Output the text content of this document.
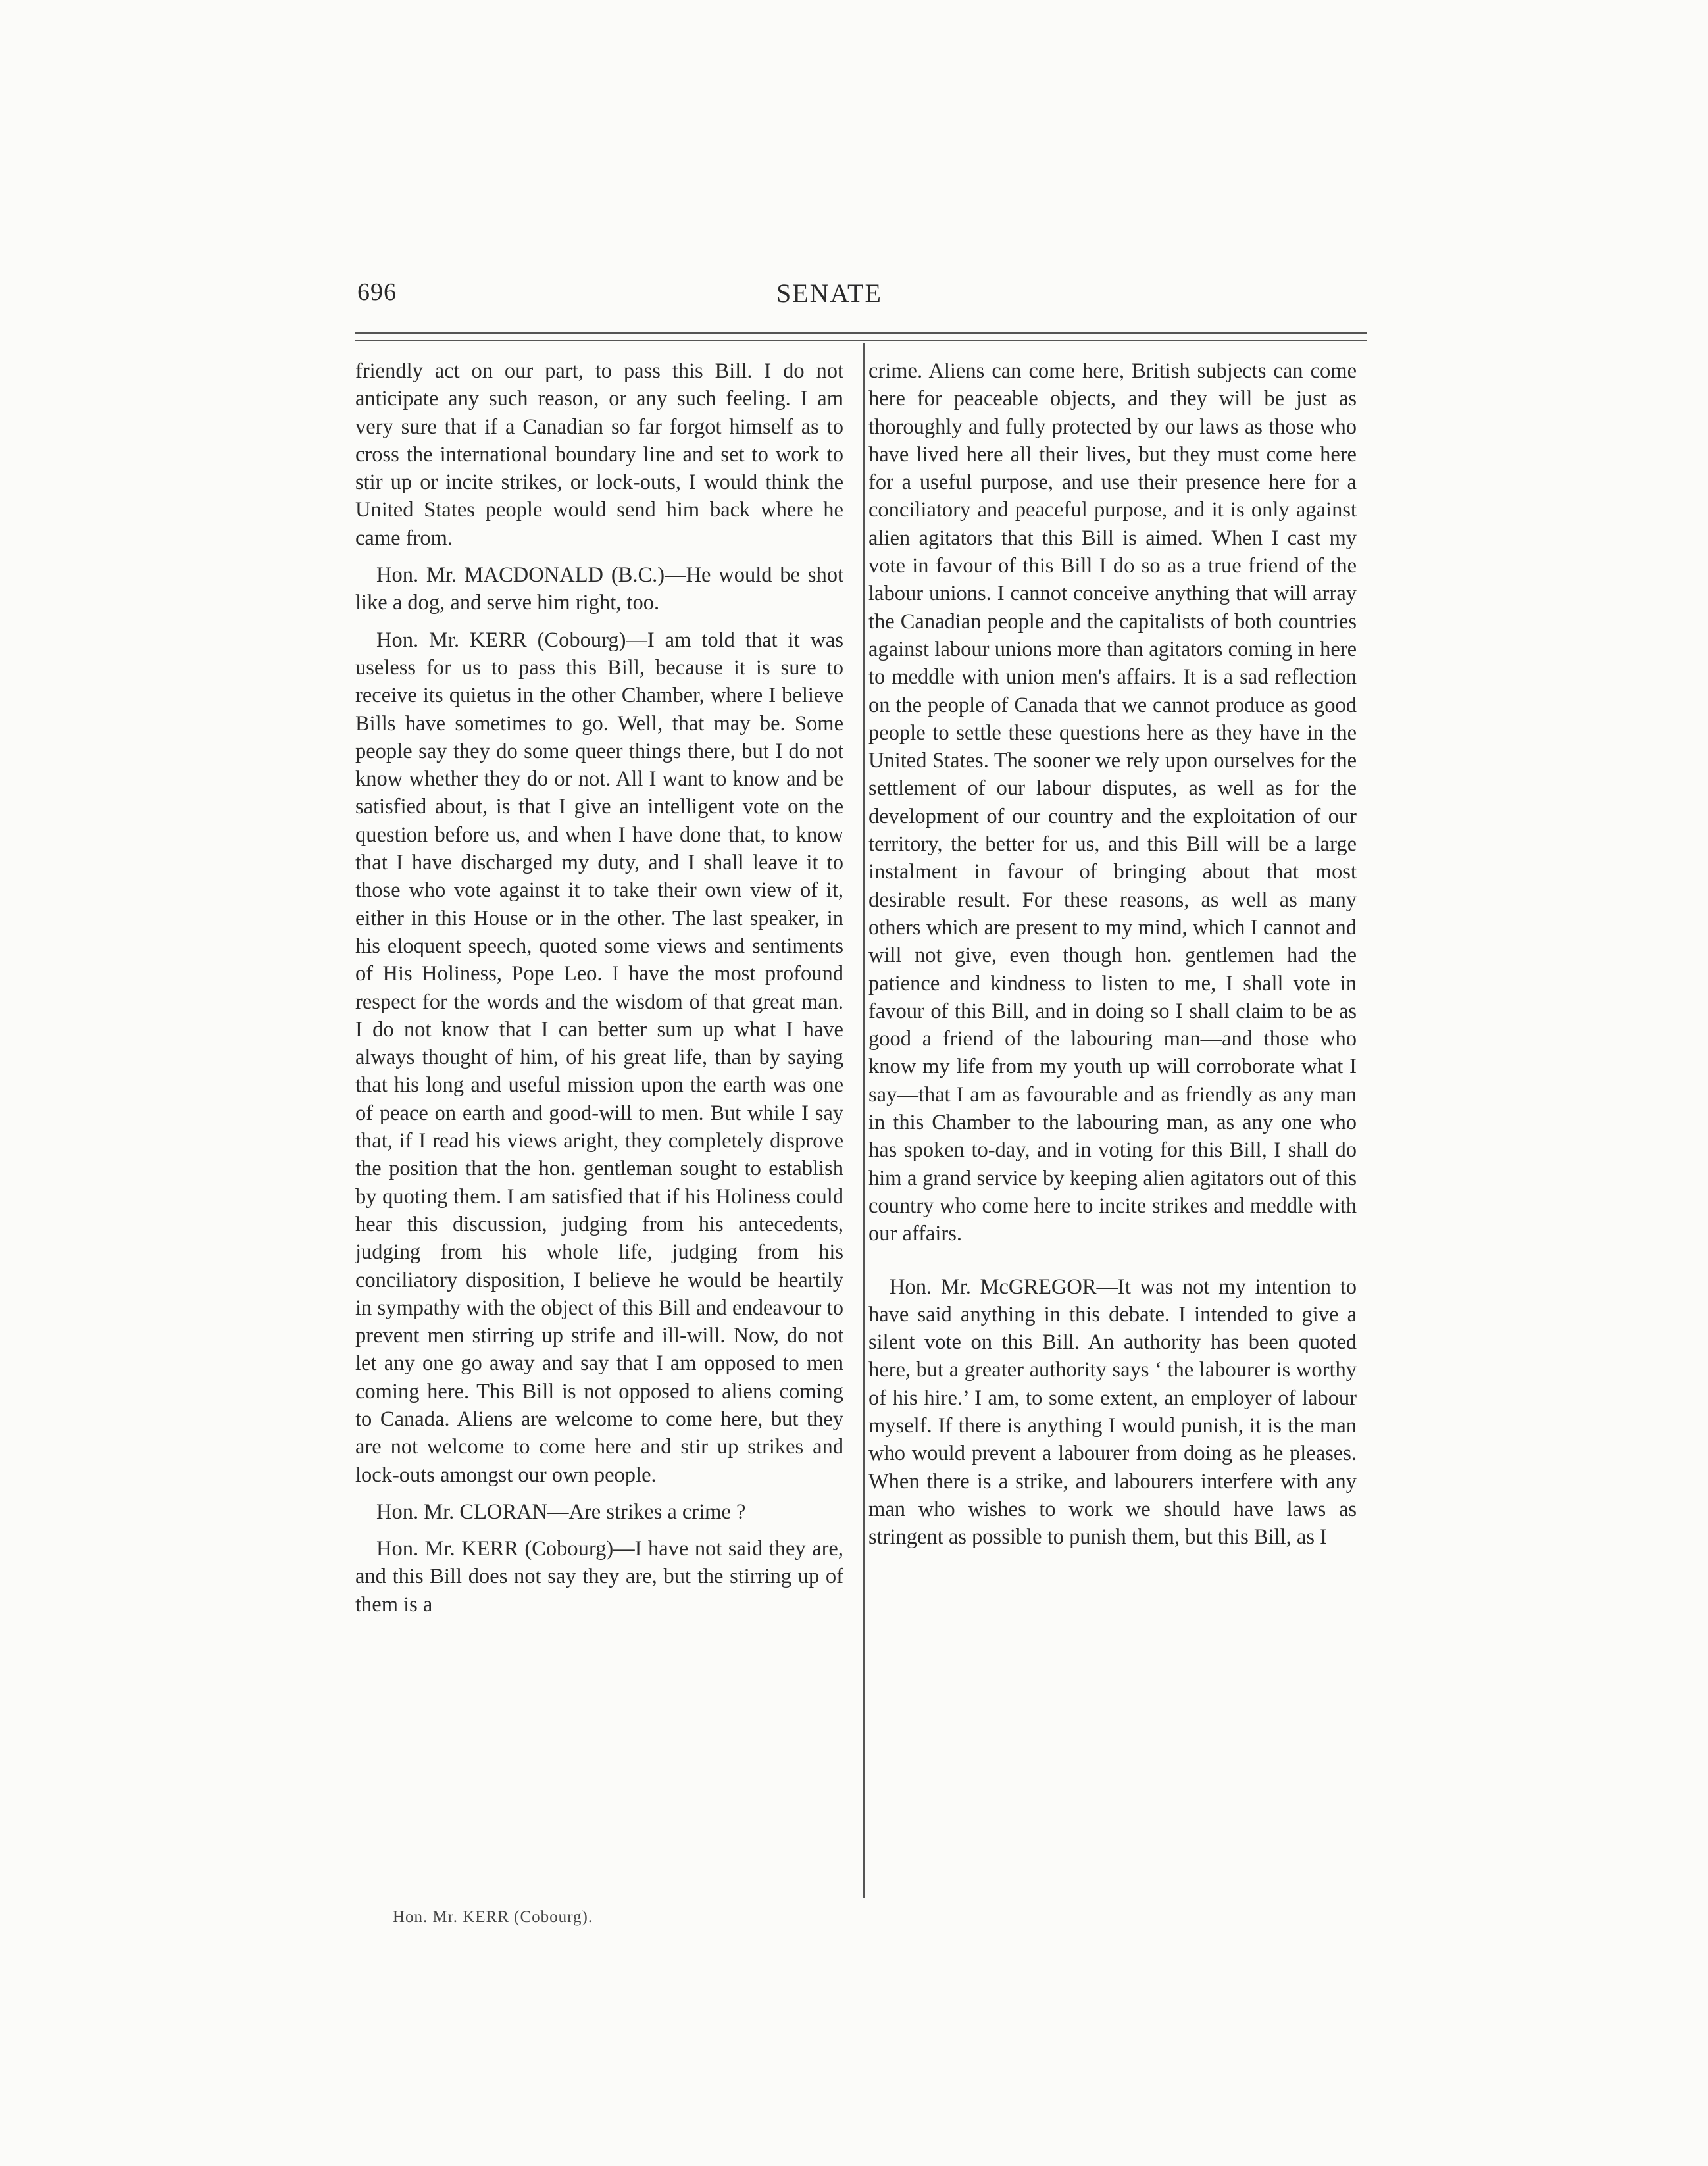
696	SENATE

friendly act on our part, to pass this Bill. I do not anticipate any such reason, or any such feeling. I am very sure that if a Canadian so far forgot himself as to cross the international boundary line and set to work to stir up or incite strikes, or lock-outs, I would think the United States people would send him back where he came from.

Hon. Mr. MACDONALD (B.C.)—He would be shot like a dog, and serve him right, too.

Hon. Mr. KERR (Cobourg)—I am told that it was useless for us to pass this Bill, because it is sure to receive its quietus in the other Chamber, where I believe Bills have sometimes to go. Well, that may be. Some people say they do some queer things there, but I do not know whether they do or not. All I want to know and be satisfied about, is that I give an intelligent vote on the question before us, and when I have done that, to know that I have discharged my duty, and I shall leave it to those who vote against it to take their own view of it, either in this House or in the other. The last speaker, in his eloquent speech, quoted some views and sentiments of His Holiness, Pope Leo. I have the most profound respect for the words and the wisdom of that great man. I do not know that I can better sum up what I have always thought of him, of his great life, than by saying that his long and useful mission upon the earth was one of peace on earth and good-will to men. But while I say that, if I read his views aright, they completely disprove the position that the hon. gentleman sought to establish by quoting them. I am satisfied that if his Holiness could hear this discussion, judging from his antecedents, judging from his whole life, judging from his conciliatory disposition, I believe he would be heartily in sympathy with the object of this Bill and endeavour to prevent men stirring up strife and ill-will. Now, do not let any one go away and say that I am opposed to men coming here. This Bill is not opposed to aliens coming to Canada. Aliens are welcome to come here, but they are not welcome to come here and stir up strikes and lock-outs amongst our own people.

Hon. Mr. CLORAN—Are strikes a crime ?

Hon. Mr. KERR (Cobourg)—I have not said they are, and this Bill does not say they are, but the stirring up of them is a

crime. Aliens can come here, British subjects can come here for peaceable objects, and they will be just as thoroughly and fully protected by our laws as those who have lived here all their lives, but they must come here for a useful purpose, and use their presence here for a conciliatory and peaceful purpose, and it is only against alien agitators that this Bill is aimed. When I cast my vote in favour of this Bill I do so as a true friend of the labour unions. I cannot conceive anything that will array the Canadian people and the capitalists of both countries against labour unions more than agitators coming in here to meddle with union men's affairs. It is a sad reflection on the people of Canada that we cannot produce as good people to settle these questions here as they have in the United States. The sooner we rely upon ourselves for the settlement of our labour disputes, as well as for the development of our country and the exploitation of our territory, the better for us, and this Bill will be a large instalment in favour of bringing about that most desirable result. For these reasons, as well as many others which are present to my mind, which I cannot and will not give, even though hon. gentlemen had the patience and kindness to listen to me, I shall vote in favour of this Bill, and in doing so I shall claim to be as good a friend of the labouring man—and those who know my life from my youth up will corroborate what I say—that I am as favourable and as friendly as any man in this Chamber to the labouring man, as any one who has spoken to-day, and in voting for this Bill, I shall do him a grand service by keeping alien agitators out of this country who come here to incite strikes and meddle with our affairs.

Hon. Mr. McGREGOR—It was not my intention to have said anything in this debate. I intended to give a silent vote on this Bill. An authority has been quoted here, but a greater authority says ‘ the labourer is worthy of his hire.’ I am, to some extent, an employer of labour myself. If there is anything I would punish, it is the man who would prevent a labourer from doing as he pleases. When there is a strike, and labourers interfere with any man who wishes to work we should have laws as stringent as possible to punish them, but this Bill, as I

Hon. Mr. KERR (Cobourg).
